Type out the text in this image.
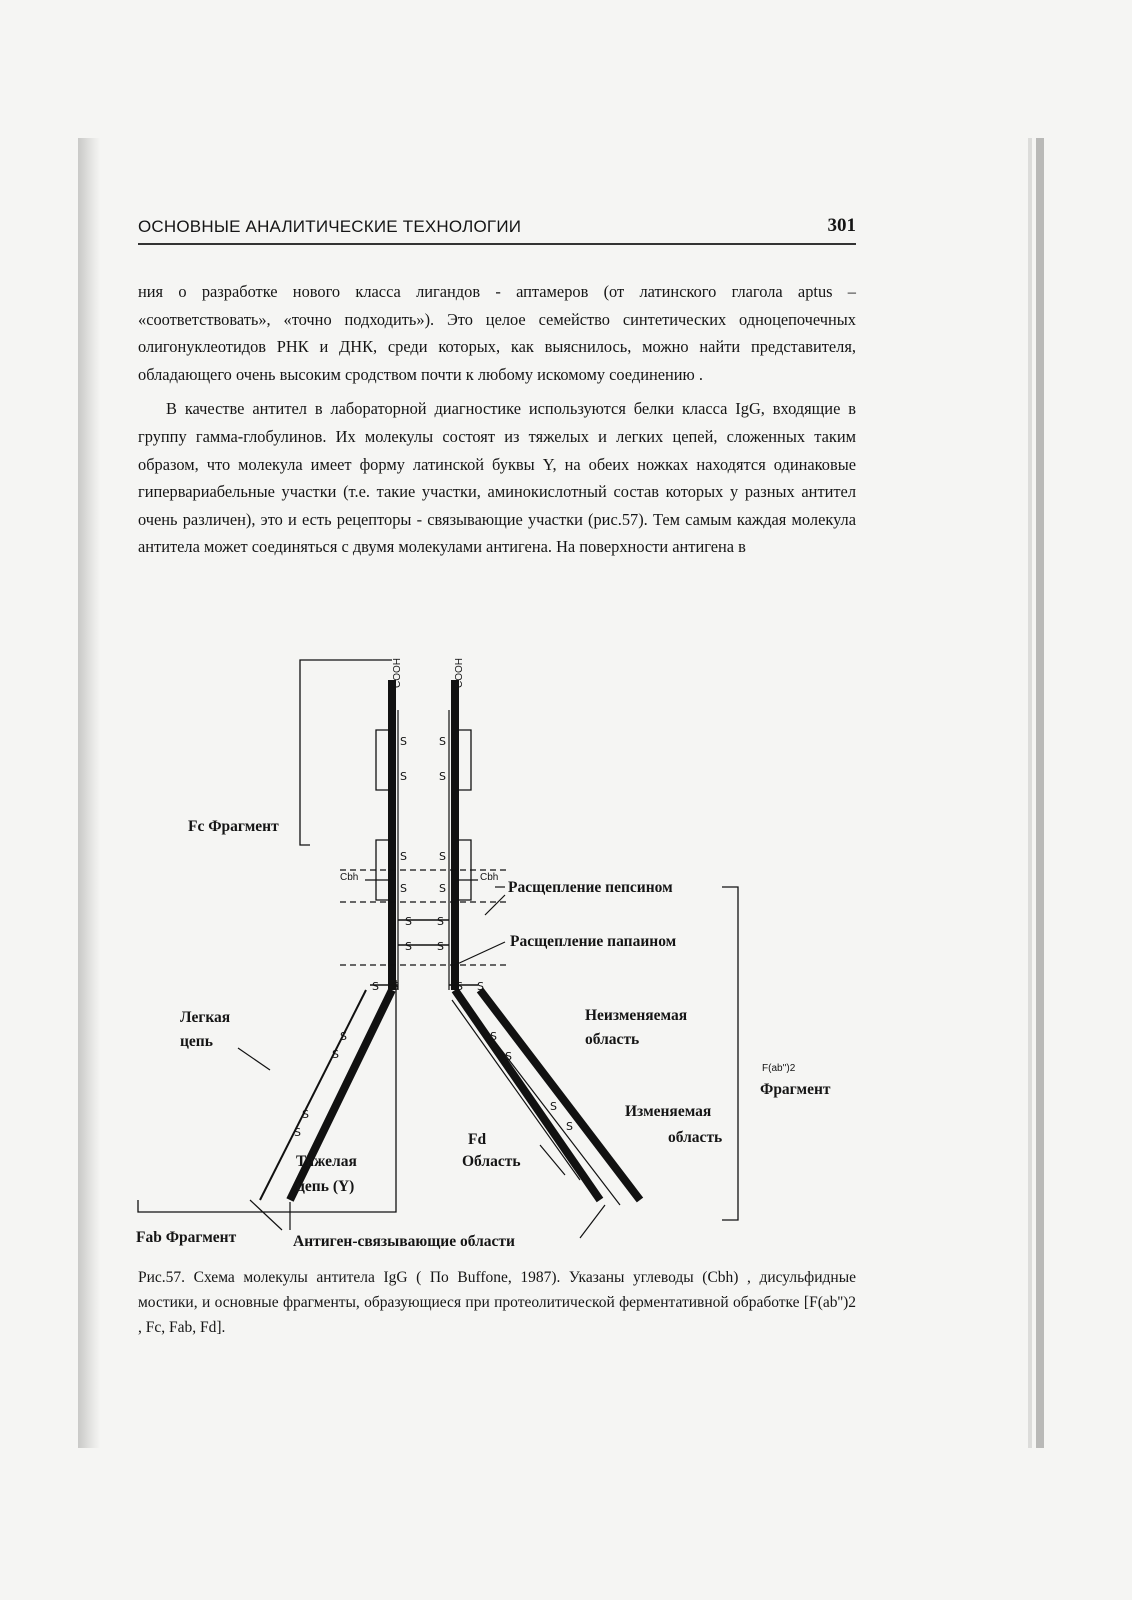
ОСНОВНЫЕ АНАЛИТИЧЕСКИЕ ТЕХНОЛОГИИ	301

ния о разработке нового класса лигандов - аптамеров (от латинского глагола aptus – «соответствовать», «точно подходить»). Это целое семейство синтетических одноцепочечных олигонуклеотидов РНК и ДНК, среди которых, как выяснилось, можно найти представителя, обладающего очень высоким сродством почти к любому искомому соединению .

В качестве антител в лабораторной диагностике используются белки класса IgG, входящие в группу гамма-глобулинов. Их молекулы состоят из тяжелых и легких цепей, сложенных таким образом, что молекула имеет форму латинской буквы Y, на обеих ножках находятся одинаковые гипервариабельные участки (т.е. такие участки, аминокислотный состав которых у разных антител очень различен), это и есть рецепторы - связывающие участки (рис.57). Тем самым каждая молекула антитела может соединяться с двумя молекулами антигена. На поверхности антигена в

S
S
S
S
S
S
S
S
S S
S S
S S	S S
S
S
S
S
S
S
S
S
COOH	COOH
Fc Фрагмент
Cbh	Cbh
Расщепление пепсином
Расщепление папаином
Легкая
цепь
Неизменяемая
область
F(ab'')2
Фрагмент
Изменяемая
область
Fd
Область
Тяжелая
цепь (Y)
Fab Фрагмент	Антиген-связывающие области
Рис.57. Схема молекулы антитела IgG ( По Buffone, 1987). Указаны углеводы (Cbh) , дисульфидные мостики, и основные фрагменты, образующиеся при протеолитической ферментативной обработке [F(ab'')2 , Fc, Fab, Fd].
